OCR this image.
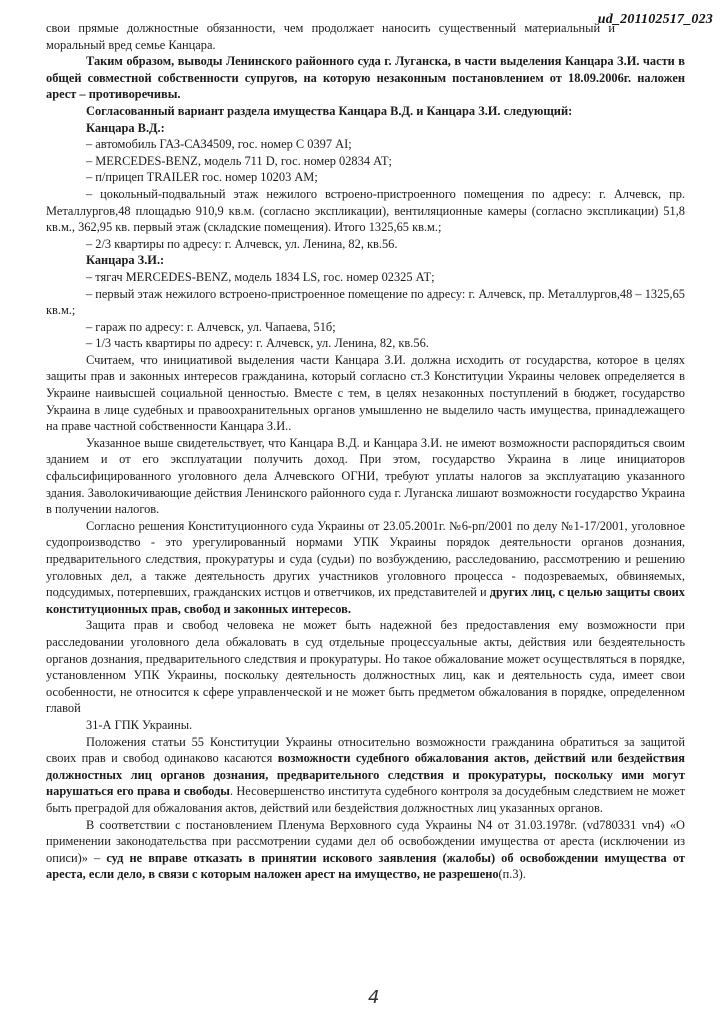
ud_201102517_023

свои прямые должностные обязанности, чем продолжает наносить существенный материальный и моральный вред семье Канцара.

Таким образом, выводы Ленинского районного суда г. Луганска, в части выделения Канцара З.И. части в общей совместной собственности супругов, на которую незаконным постановлением от 18.09.2006г. наложен арест – противоречивы.

Согласованный вариант раздела имущества Канцара В.Д. и Канцара З.И. следующий:

Канцара В.Д.:

– автомобиль ГАЗ-САЗ4509, гос. номер С 0397 AI;

– MERCEDES-BENZ, модель 711 D, гос. номер 02834 АТ;

– п/прицеп TRAILER гос. номер 10203 АМ;

– цокольный-подвальный этаж нежилого встроено-пристроенного помещения по адресу: г. Алчевск, пр. Металлургов,48 площадью 910,9 кв.м. (согласно экспликации), вентиляционные камеры (согласно экспликации) 51,8 кв.м., 362,95 кв. первый этаж (складские помещения). Итого 1325,65 кв.м.;

– 2/3 квартиры по адресу: г. Алчевск, ул. Ленина, 82, кв.56.

Канцара З.И.:

– тягач MERCEDES-BENZ, модель 1834 LS, гос. номер 02325 АТ;

– первый этаж нежилого встроено-пристроенное помещение по адресу: г. Алчевск, пр. Металлургов,48 – 1325,65 кв.м.;

– гараж по адресу: г. Алчевск, ул. Чапаева, 51б;

– 1/3 часть квартиры по адресу: г. Алчевск, ул. Ленина, 82, кв.56.

Считаем, что инициативой выделения части Канцара З.И. должна исходить от государства, которое в целях защиты прав и законных интересов гражданина, который согласно ст.3 Конституции Украины человек определяется в Украине наивысшей социальной ценностью. Вместе с тем, в целях незаконных поступлений в бюджет, государство Украина в лице судебных и правоохранительных органов умышленно не выделило часть имущества, принадлежащего на праве частной собственности Канцара З.И..

Указанное выше свидетельствует, что Канцара В.Д. и Канцара З.И. не имеют возможности распорядиться своим зданием и от его эксплуатации получить доход. При этом, государство Украина в лице инициаторов сфальсифицированного уголовного дела Алчевского ОГНИ, требуют уплаты налогов за эксплуатацию указанного здания. Заволокичивающие действия Ленинского районного суда г. Луганска лишают возможности государство Украина в получении налогов.

Согласно решения Конституционного суда Украины от 23.05.2001г. №6-рп/2001 по делу №1-17/2001, уголовное судопроизводство - это урегулированный нормами УПК Украины порядок деятельности органов дознания, предварительного следствия, прокуратуры и суда (судьи) по возбуждению, расследованию, рассмотрению и решению уголовных дел, а также деятельность других участников уголовного процесса - подозреваемых, обвиняемых, подсудимых, потерпевших, гражданских истцов и ответчиков, их представителей и других лиц, с целью защиты своих конституционных прав, свобод и законных интересов.

Защита прав и свобод человека не может быть надежной без предоставления ему возможности при расследовании уголовного дела обжаловать в суд отдельные процессуальные акты, действия или бездеятельность органов дознания, предварительного следствия и прокуратуры. Но такое обжалование может осуществляться в порядке, установленном УПК Украины, поскольку деятельность должностных лиц, как и деятельность суда, имеет свои особенности, не относится к сфере управленческой и не может быть предметом обжалования в порядке, определенном главой

31-А ГПК Украины.

Положения статьи 55 Конституции Украины относительно возможности гражданина обратиться за защитой своих прав и свобод одинаково касаются возможности судебного обжалования актов, действий или бездействия должностных лиц органов дознания, предварительного следствия и прокуратуры, поскольку ими могут нарушаться его права и свободы. Несовершенство института судебного контроля за досудебным следствием не может быть преградой для обжалования актов, действий или бездействия должностных лиц указанных органов.

В соответствии с постановлением Пленума Верховного суда Украины N4 от 31.03.1978г. (vd780331 vn4) «О применении законодательства при рассмотрении судами дел об освобождении имущества от ареста (исключении из описи)» – суд не вправе отказать в принятии искового заявления (жалобы) об освобождении имущества от ареста, если дело, в связи с которым наложен арест на имущество, не разрешено(п.3).

4
